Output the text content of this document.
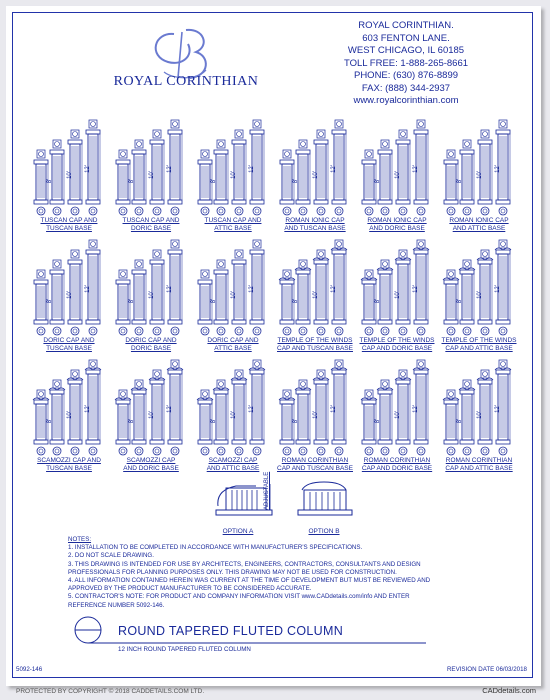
ROYAL CORINTHIAN
ROYAL CORINTHIAN.
603 FENTON LANE.
WEST CHICAGO, IL 60185
TOLL FREE: 1-888-265-8661
PHONE: (630) 876-8899
FAX: (888) 344-2937
www.royalcorinthian.com
8'
10'
12'
TUSCAN CAP AND
TUSCAN BASE
8'
10'
12'
TUSCAN CAP AND
DORIC BASE
8'
10'
12'
TUSCAN CAP AND
ATTIC BASE
8'
10'
12'
ROMAN IONIC CAP
AND TUSCAN BASE
8'
10'
12'
ROMAN IONIC CAP
AND DORIC BASE
8'
10'
12'
ROMAN IONIC CAP
AND ATTIC BASE
8'
10'
12'
DORIC CAP AND
TUSCAN BASE
8'
10'
12'
DORIC CAP AND
DORIC BASE
8'
10'
12'
DORIC CAP AND
ATTIC BASE
8'
10'
12'
TEMPLE OF THE WINDS
CAP AND TUSCAN BASE
8'
10'
12'
TEMPLE OF THE WINDS
CAP AND DORIC BASE
8'
10'
12'
TEMPLE OF THE WINDS
CAP AND ATTIC BASE
8'
10'
12'
SCAMOZZI CAP AND
TUSCAN BASE
8'
10'
12'
SCAMOZZI CAP
AND DORIC BASE
8'
10'
12'
SCAMOZZI CAP
AND ATTIC BASE
8'
10'
12'
ROMAN CORINTHIAN
CAP AND TUSCAN BASE
8'
10'
12'
ROMAN CORINTHIAN
CAP AND DORIC BASE
8'
10'
12'
ROMAN CORINTHIAN
CAP AND ATTIC BASE
OPTION A
ADJUSTABLE
OPTION B
NOTES:
1. INSTALLATION TO BE COMPLETED IN ACCORDANCE WITH MANUFACTURER'S SPECIFICATIONS.
2. DO NOT SCALE DRAWING.
3. THIS DRAWING IS INTENDED FOR USE BY ARCHITECTS, ENGINEERS, CONTRACTORS, CONSULTANTS AND DESIGN
PROFESSIONALS FOR PLANNING PURPOSES ONLY. THIS DRAWING MAY NOT BE USED FOR CONSTRUCTION.
4. ALL INFORMATION CONTAINED HEREIN WAS CURRENT AT THE TIME OF DEVELOPMENT BUT MUST BE REVIEWED AND
APPROVED BY THE PRODUCT MANUFACTURER TO BE CONSIDERED ACCURATE.
5. CONTRACTOR'S NOTE: FOR PRODUCT AND COMPANY INFORMATION VISIT www.CADdetails.com/info AND ENTER
REFERENCE NUMBER 5092-146.
ROUND TAPERED FLUTED COLUMN
12 INCH ROUND TAPERED FLUTED COLUMN
5092-146	REVISION DATE 06/03/2018
PROTECTED BY COPYRIGHT © 2018 CADDETAILS.COM LTD.	CADdetails.com
